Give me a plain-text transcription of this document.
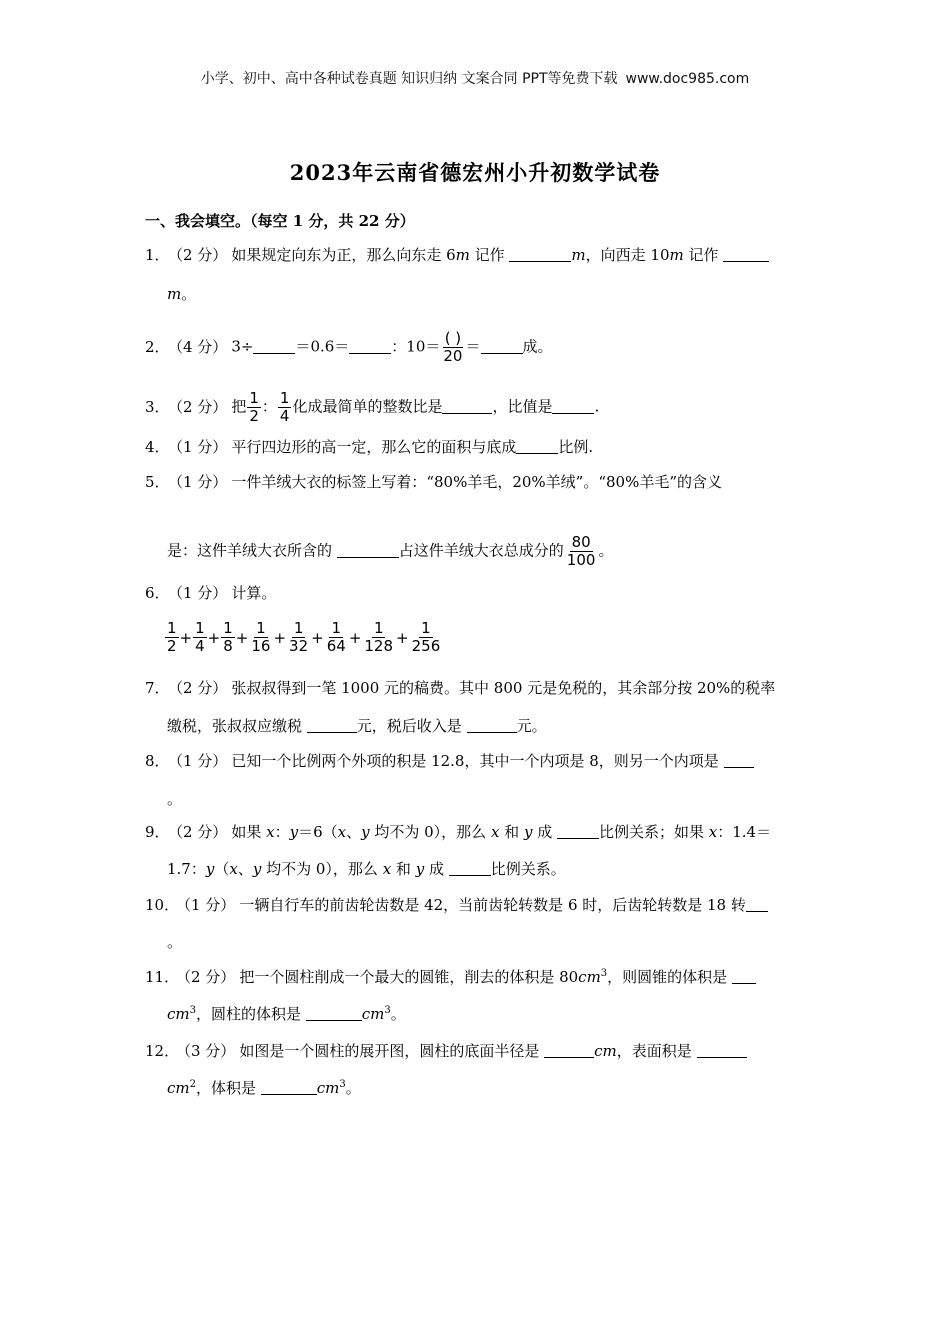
小学、初中、高中各种试卷真题 知识归纳 文案合同 PPT等免费下载 www.doc985.com
2023年云南省德宏州小升初数学试卷
一、我会填空。（每空 1 分，共 22 分）
1．（2 分） 如果规定向东为正，那么向东走 6m 记作	m，向西走 10m 记作
m。
2．（4 分） 3÷	＝0.6＝	：$10= \frac{( )}{20}$ ＝	成。
3．（2 分） 把 $\frac{1}{2}$ ： $\frac{1}{4}$ 化成最简单的整数比是	，比值是	.
4．（1 分） 平行四边形的高一定，那么它的面积与底成	比例.
5．（1 分） 一件羊绒大衣的标签上写着：“80%羊毛，20%羊绒”。“80%羊毛”的含义
是：这件羊绒大衣所含的	占这件羊绒大衣总成分的 $\frac{80}{100}$ 。
6．（1 分） 计算。
$\frac{1}{2} + \frac{1}{4} + \frac{1}{8} + \frac{1}{16} + \frac{1}{32} + \frac{1}{64} + \frac{1}{128} + \frac{1}{256}$
7．（2 分） 张叔叔得到一笔 1000 元的稿费。其中 800 元是免税的，其余部分按 20%的税率
缴税，张叔叔应缴税	元，税后收入是	元。
8．（1 分） 已知一个比例两个外项的积是 12.8，其中一个内项是 8，则另一个内项是
。
9．（2 分） 如果 x：y＝6（x、y 均不为 0），那么 x 和 y 成	比例关系；如果 x：1.4＝
1.7：y（x、y 均不为 0），那么 x 和 y 成	比例关系。
10．（1 分） 一辆自行车的前齿轮齿数是 42，当前齿轮转数是 6 时，后齿轮转数是 18 转
。
11．（2 分） 把一个圆柱削成一个最大的圆锥，削去的体积是 $80cm^3$，则圆锥的体积是
$cm^3$，圆柱的体积是	$cm^3$。
12．（3 分） 如图是一个圆柱的展开图，圆柱的底面半径是	cm，表面积是
$cm^2$，体积是	$cm^3$。
